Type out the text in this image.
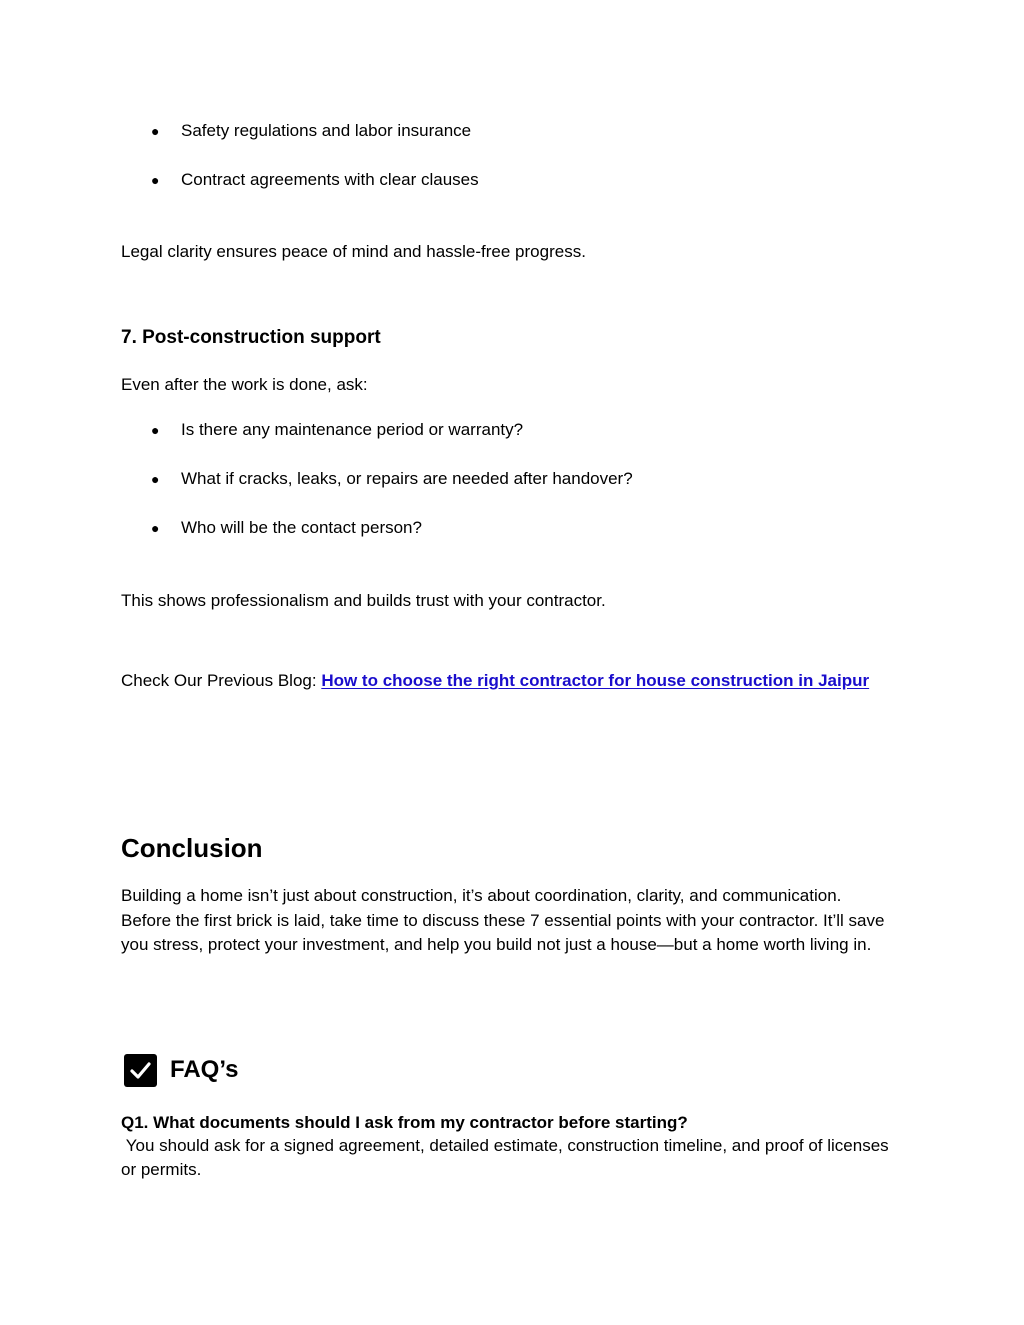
● Safety regulations and labor insurance
● Contract agreements with clear clauses

Legal clarity ensures peace of mind and hassle-free progress.

7. Post-construction support

Even after the work is done, ask:

● Is there any maintenance period or warranty?
● What if cracks, leaks, or repairs are needed after handover?
● Who will be the contact person?

This shows professionalism and builds trust with your contractor.

Check Our Previous Blog: How to choose the right contractor for house construction in Jaipur

Conclusion

Building a home isn’t just about construction, it’s about coordination, clarity, and communication. Before the first brick is laid, take time to discuss these 7 essential points with your contractor. It’ll save you stress, protect your investment, and help you build not just a house—but a home worth living in.

FAQ’s

Q1. What documents should I ask from my contractor before starting?

You should ask for a signed agreement, detailed estimate, construction timeline, and proof of licenses or permits.
